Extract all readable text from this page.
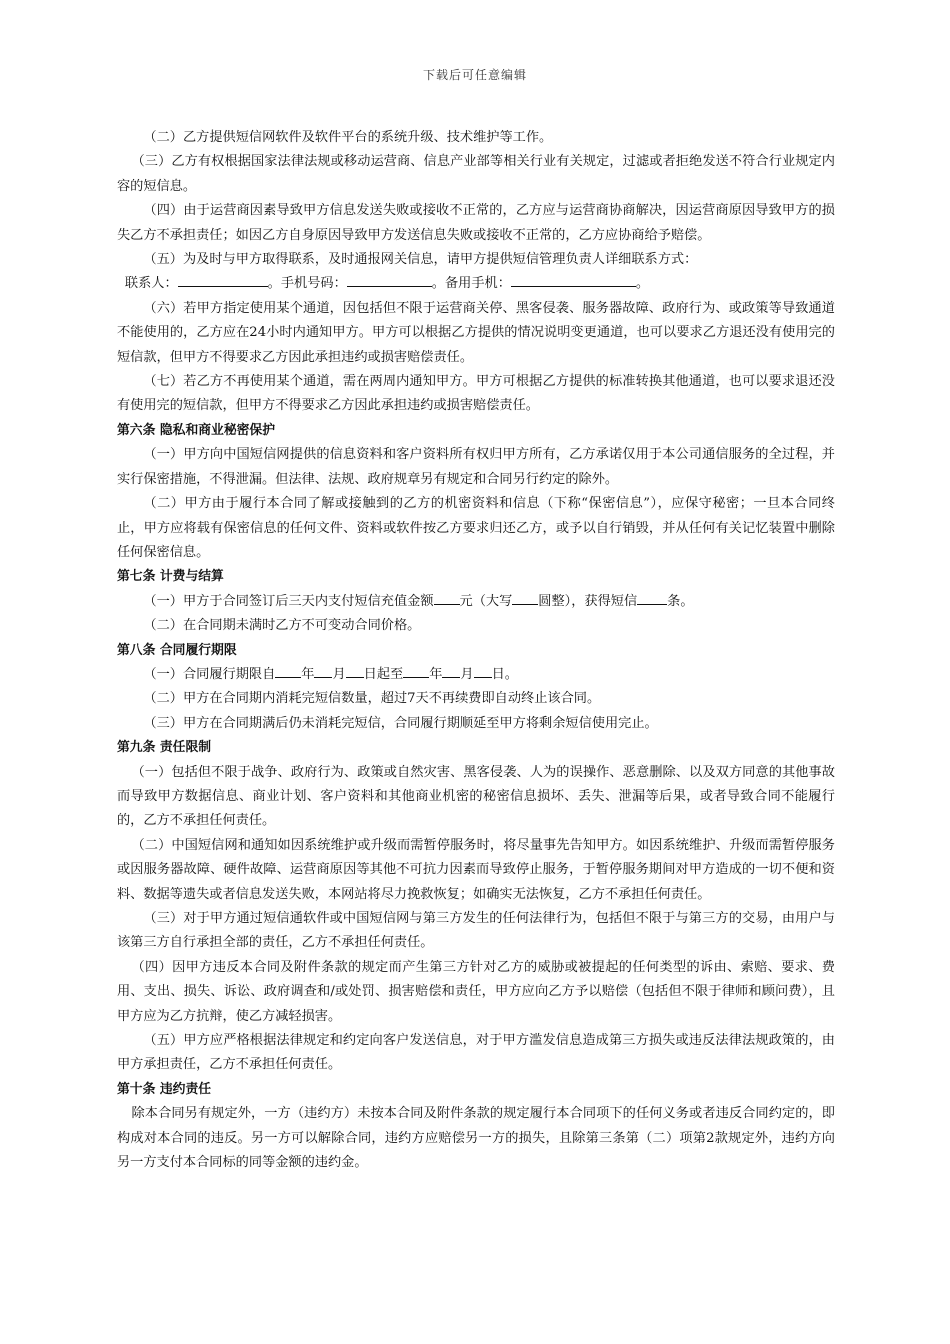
下载后可任意编辑

（二）乙方提供短信网软件及软件平台的系统升级、技术维护等工作。

（三）乙方有权根据国家法律法规或移动运营商、信息产业部等相关行业有关规定，过滤或者拒绝发送不符合行业规定内容的短信息。

（四）由于运营商因素导致甲方信息发送失败或接收不正常的，乙方应与运营商协商解决，因运营商原因导致甲方的损失乙方不承担责任；如因乙方自身原因导致甲方发送信息失败或接收不正常的，乙方应协商给予赔偿。

（五）为及时与甲方取得联系，及时通报网关信息，请甲方提供短信管理负责人详细联系方式：

联系人：	。手机号码：	。备用手机：	。

（六）若甲方指定使用某个通道，因包括但不限于运营商关停、黑客侵袭、服务器故障、政府行为、或政策等导致通道不能使用的，乙方应在24小时内通知甲方。甲方可以根据乙方提供的情况说明变更通道，也可以要求乙方退还没有使用完的短信款，但甲方不得要求乙方因此承担违约或损害赔偿责任。

（七）若乙方不再使用某个通道，需在两周内通知甲方。甲方可根据乙方提供的标准转换其他通道，也可以要求退还没有使用完的短信款，但甲方不得要求乙方因此承担违约或损害赔偿责任。

第六条 隐私和商业秘密保护

（一）甲方向中国短信网提供的信息资料和客户资料所有权归甲方所有，乙方承诺仅用于本公司通信服务的全过程，并实行保密措施，不得泄漏。但法律、法规、政府规章另有规定和合同另行约定的除外。

（二）甲方由于履行本合同了解或接触到的乙方的机密资料和信息（下称“保密信息”），应保守秘密；一旦本合同终止，甲方应将载有保密信息的任何文件、资料或软件按乙方要求归还乙方，或予以自行销毁，并从任何有关记忆装置中删除任何保密信息。

第七条 计费与结算

（一）甲方于合同签订后三天内支付短信充值金额 元（大写 圆整），获得短信 条。

（二）在合同期未满时乙方不可变动合同价格。

第八条 合同履行期限

（一）合同履行期限自 年 月 日起至 年 月 日。

（二）甲方在合同期内消耗完短信数量，超过7天不再续费即自动终止该合同。

（三）甲方在合同期满后仍未消耗完短信，合同履行期顺延至甲方将剩余短信使用完止。

第九条 责任限制

（一）包括但不限于战争、政府行为、政策或自然灾害、黑客侵袭、人为的误操作、恶意删除、以及双方同意的其他事故而导致甲方数据信息、商业计划、客户资料和其他商业机密的秘密信息损坏、丢失、泄漏等后果，或者导致合同不能履行的，乙方不承担任何责任。

（二）中国短信网和通知如因系统维护或升级而需暂停服务时，将尽量事先告知甲方。如因系统维护、升级而需暂停服务或因服务器故障、硬件故障、运营商原因等其他不可抗力因素而导致停止服务，于暂停服务期间对甲方造成的一切不便和资料、数据等遗失或者信息发送失败，本网站将尽力挽救恢复；如确实无法恢复，乙方不承担任何责任。

（三）对于甲方通过短信通软件或中国短信网与第三方发生的任何法律行为，包括但不限于与第三方的交易，由用户与该第三方自行承担全部的责任，乙方不承担任何责任。

（四）因甲方违反本合同及附件条款的规定而产生第三方针对乙方的威胁或被提起的任何类型的诉由、索赔、要求、费用、支出、损失、诉讼、政府调查和/或处罚、损害赔偿和责任，甲方应向乙方予以赔偿（包括但不限于律师和顾问费），且甲方应为乙方抗辩，使乙方减轻损害。

（五）甲方应严格根据法律规定和约定向客户发送信息，对于甲方滥发信息造成第三方损失或违反法律法规政策的，由甲方承担责任，乙方不承担任何责任。

第十条 违约责任

除本合同另有规定外，一方（违约方）未按本合同及附件条款的规定履行本合同项下的任何义务或者违反合同约定的，即构成对本合同的违反。另一方可以解除合同，违约方应赔偿另一方的损失，且除第三条第（二）项第2款规定外，违约方向另一方支付本合同标的同等金额的违约金。
